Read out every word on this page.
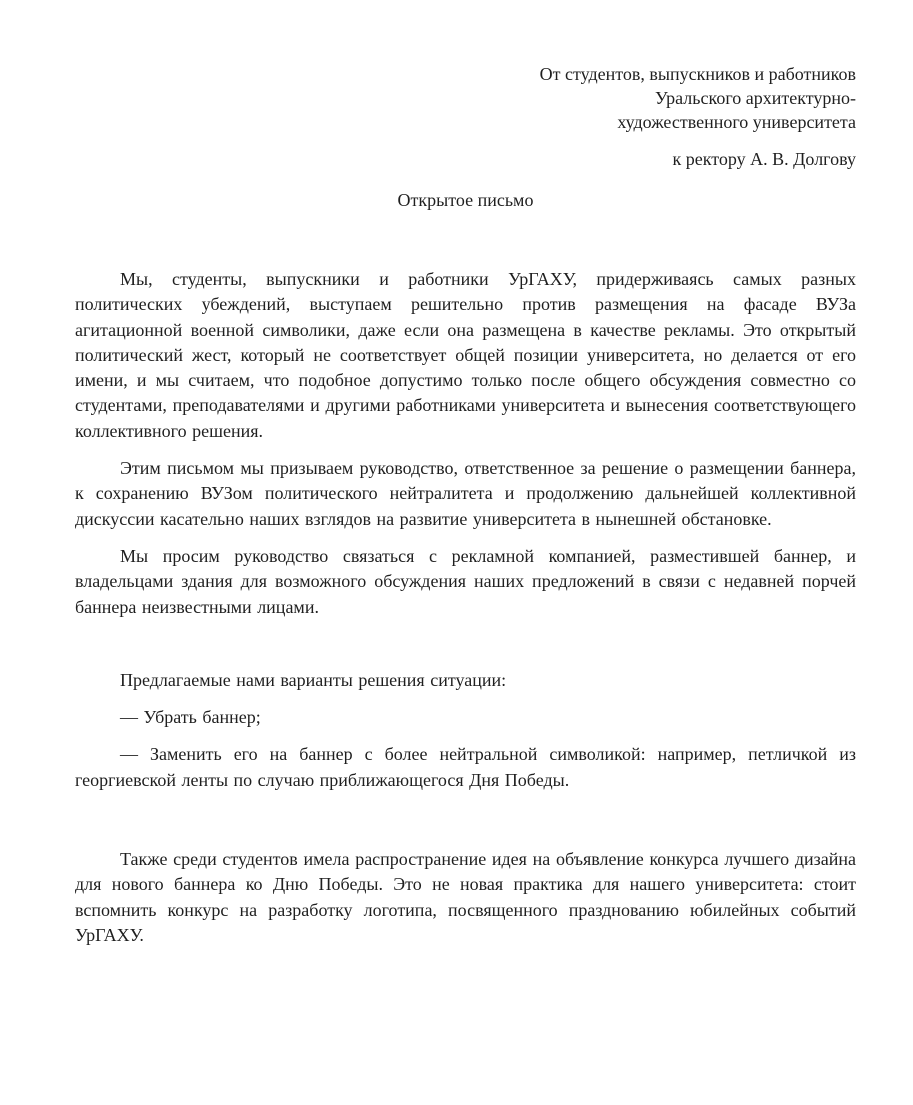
От студентов, выпускников и работников
Уральского архитектурно-
художественного университета
к ректору А. В. Долгову
Открытое письмо

Мы, студенты, выпускники и работники УрГАХУ, придерживаясь самых разных политических убеждений, выступаем решительно против размещения на фасаде ВУЗа агитационной военной символики, даже если она размещена в качестве рекламы. Это открытый политический жест, который не соответствует общей позиции университета, но делается от его имени, и мы считаем, что подобное допустимо только после общего обсуждения совместно со студентами, преподавателями и другими работниками университета и вынесения соответствующего коллективного решения.

Этим письмом мы призываем руководство, ответственное за решение о размещении баннера, к сохранению ВУЗом политического нейтралитета и продолжению дальнейшей коллективной дискуссии касательно наших взглядов на развитие университета в нынешней обстановке.

Мы просим руководство связаться с рекламной компанией, разместившей баннер, и владельцами здания для возможного обсуждения наших предложений в связи с недавней порчей баннера неизвестными лицами.

Предлагаемые нами варианты решения ситуации:

— Убрать баннер;

— Заменить его на баннер с более нейтральной символикой: например, петличкой из георгиевской ленты по случаю приближающегося Дня Победы.

Также среди студентов имела распространение идея на объявление конкурса лучшего дизайна для нового баннера ко Дню Победы. Это не новая практика для нашего университета: стоит вспомнить конкурс на разработку логотипа, посвященного празднованию юбилейных событий УрГАХУ.
